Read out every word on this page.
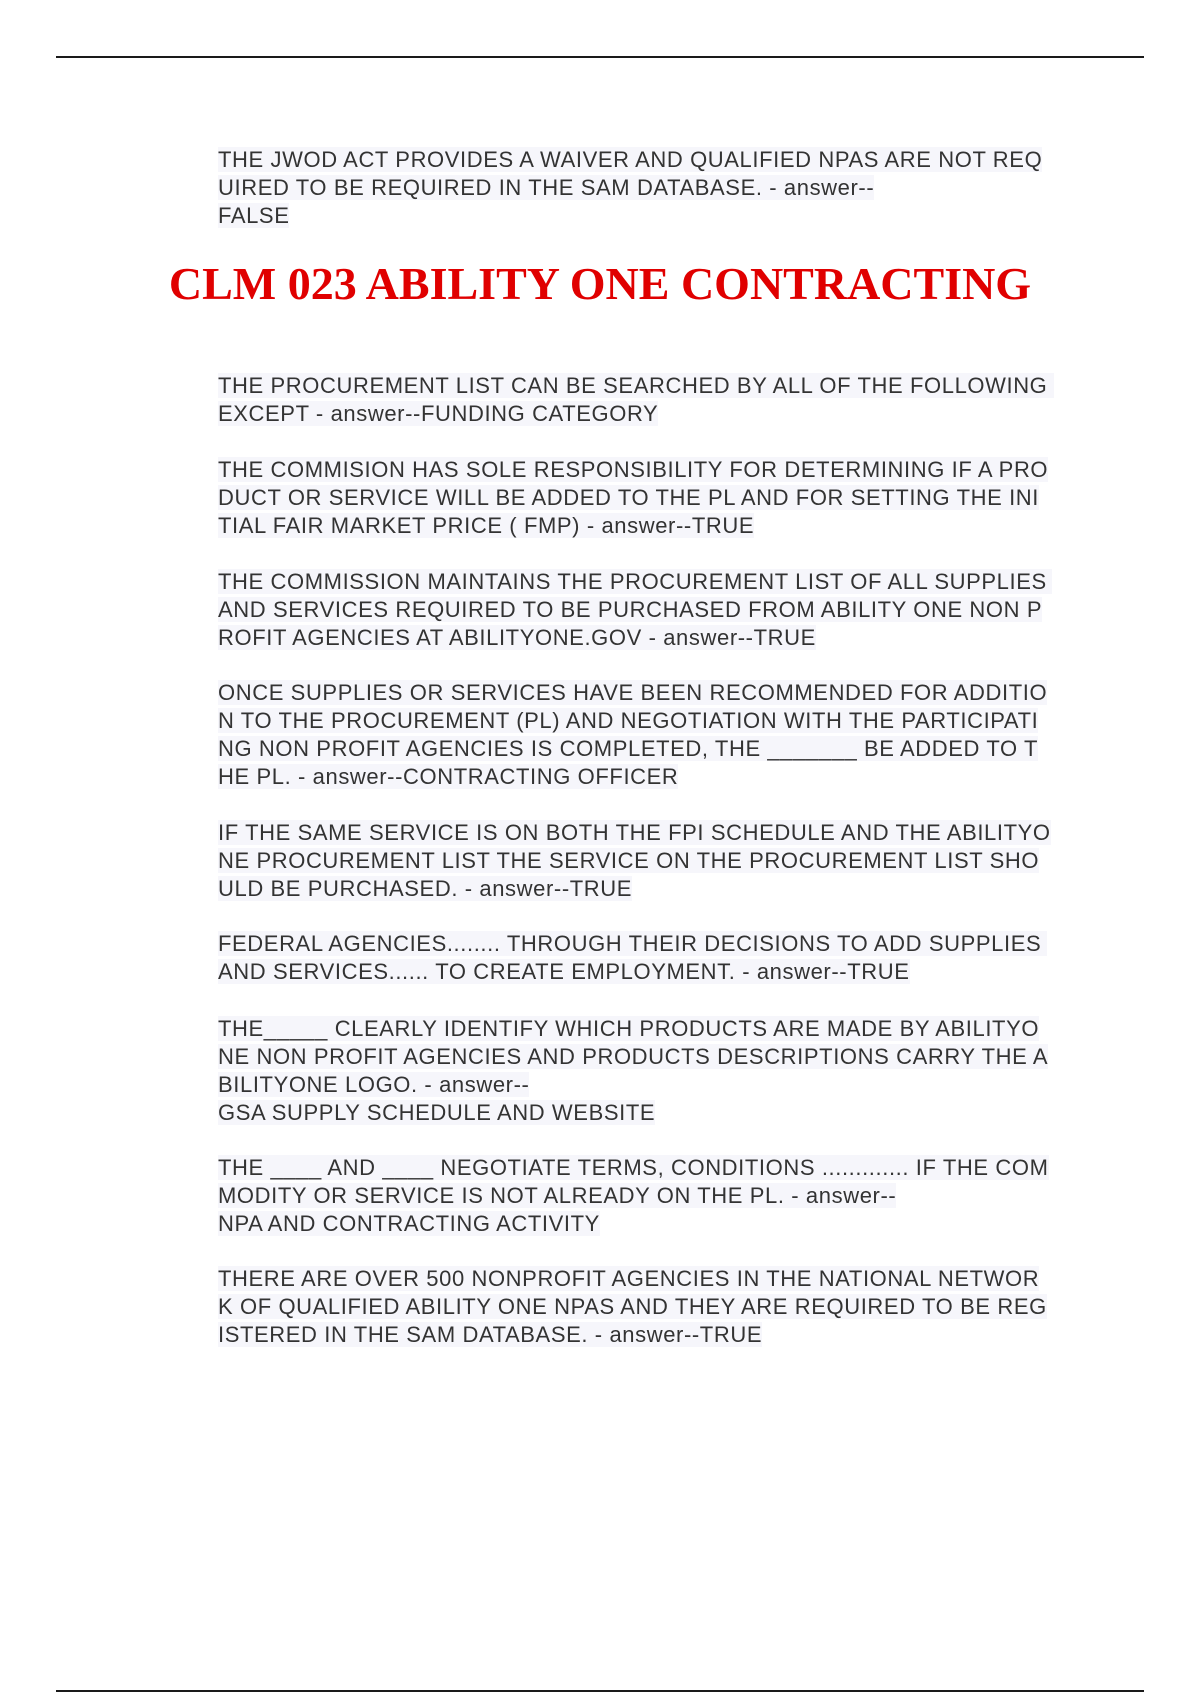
THE JWOD ACT PROVIDES A WAIVER AND QUALIFIED NPAS ARE NOT REQUIRED TO BE REQUIRED IN THE SAM DATABASE. - answer--
FALSE
CLM 023 ABILITY ONE CONTRACTING
THE PROCUREMENT LIST CAN BE SEARCHED BY ALL OF THE FOLLOWING EXCEPT - answer--FUNDING CATEGORY
THE COMMISION HAS SOLE RESPONSIBILITY FOR DETERMINING IF A PRODUCT OR SERVICE WILL BE ADDED TO THE PL AND FOR SETTING THE INITIAL FAIR MARKET PRICE ( FMP) - answer--TRUE
THE COMMISSION MAINTAINS THE PROCUREMENT LIST OF ALL SUPPLIES AND SERVICES REQUIRED TO BE PURCHASED FROM ABILITY ONE NON PROFIT AGENCIES AT ABILITYONE.GOV - answer--TRUE
ONCE SUPPLIES OR SERVICES HAVE BEEN RECOMMENDED FOR ADDITION TO THE PROCUREMENT (PL) AND NEGOTIATION WITH THE PARTICIPATING NON PROFIT AGENCIES IS COMPLETED, THE _______ BE ADDED TO THE PL. - answer--CONTRACTING OFFICER
IF THE SAME SERVICE IS ON BOTH THE FPI SCHEDULE AND THE ABILITYONE PROCUREMENT LIST THE SERVICE ON THE PROCUREMENT LIST SHOULD BE PURCHASED. - answer--TRUE
FEDERAL AGENCIES........ THROUGH THEIR DECISIONS TO ADD SUPPLIES AND SERVICES...... TO CREATE EMPLOYMENT. - answer--TRUE
THE_____ CLEARLY IDENTIFY WHICH PRODUCTS ARE MADE BY ABILITYONE NON PROFIT AGENCIES AND PRODUCTS DESCRIPTIONS CARRY THE ABILITYONE LOGO. - answer--
GSA SUPPLY SCHEDULE AND WEBSITE
THE ____ AND ____ NEGOTIATE TERMS, CONDITIONS ............. IF THE COMMODITY OR SERVICE IS NOT ALREADY ON THE PL. - answer--
NPA AND CONTRACTING ACTIVITY
THERE ARE OVER 500 NONPROFIT AGENCIES IN THE NATIONAL NETWORK OF QUALIFIED ABILITY ONE NPAS AND THEY ARE REQUIRED TO BE REGISTERED IN THE SAM DATABASE. - answer--TRUE
